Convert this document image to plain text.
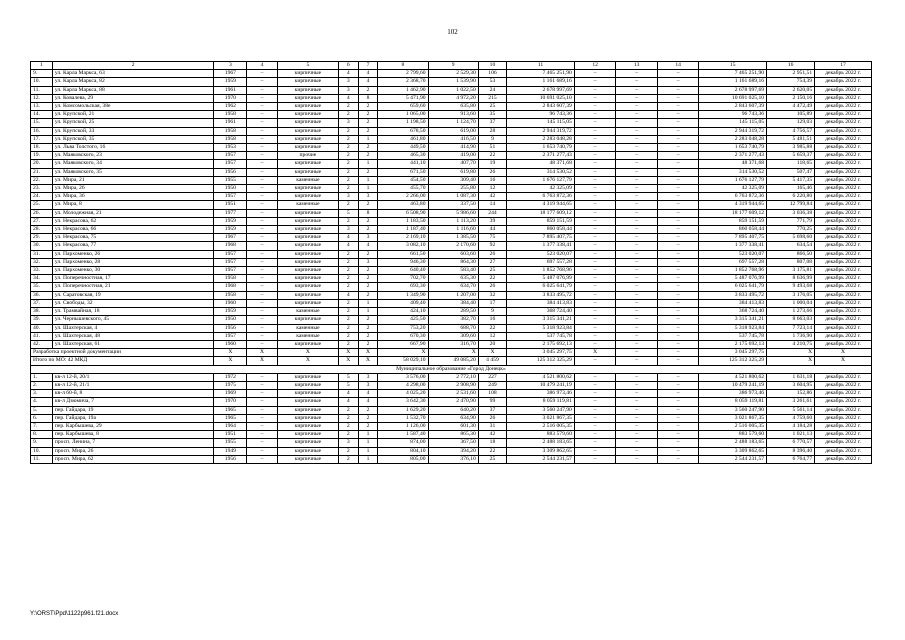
102
1	2	3	4	5	6	7	8	9	10	11	12	13	14	15	16	17
9.	ул. Карла Маркса, 63	1967	–	кирпичные	4	4	2 799,60	2 529,30	106	7 465 251,90	–	–	–	7 465 251,90	2 951,51	декабрь 2022 г.
10.	ул. Карла Маркса, 82	1959	–	кирпичные	3	4	2 368,70	1 539,90	53	1 161 689,16	–	–	–	1 161 689,16	754,39	декабрь 2022 г.
11.	ул. Карла Маркса, 88	1961	–	кирпичные	3	2	1 462,90	1 022,50	24	2 678 997,69	–	–	–	2 678 997,69	2 620,05	декабрь 2022 г.
12.	ул. Ковалева, 29	1970	–	кирпичные	4	8	5 471,90	4 972,20	215	10 691 025,10	–	–	–	10 691 025,10	2 150,16	декабрь 2022 г.
13.	ул. Комсомольская, 38е	1962	–	кирпичные	2	2	659,60	635,80	25	2 843 607,39	–	–	–	2 843 607,39	4 472,49	декабрь 2022 г.
14.	ул. Крупской, 21	1958	–	кирпичные	2	2	1 065,00	913,60	35	96 743,36	–	–	–	96 743,36	105,89	декабрь 2022 г.
15.	ул. Крупской, 25	1961	–	кирпичные	3	2	1 198,50	1 124,70	37	145 115,05	–	–	–	145 115,05	129,03	декабрь 2022 г.
16.	ул. Крупской, 33	1958	–	кирпичные	2	2	678,50	619,00	28	2 944 319,72	–	–	–	2 944 319,72	4 756,57	декабрь 2022 г.
17.	ул. Крупской, 35	1958	–	кирпичные	2	1	461,80	416,50	9	2 283 048,28	–	–	–	2 283 048,28	5 481,51	декабрь 2022 г.
18.	ул. Льва Толстого, 16	1953	–	кирпичные	2	2	449,50	414,90	51	1 653 740,79	–	–	–	1 653 740,79	3 985,88	декабрь 2022 г.
19.	ул. Маяковского, 23	1957	–	прочие	2	2	465,30	419,00	22	2 371 277,43	–	–	–	2 371 277,43	5 659,37	декабрь 2022 г.
20.	ул. Маяковского, 34	1957	–	кирпичные	2	1	441,10	407,70	19	48 371,68	–	–	–	48 371,68	118,65	декабрь 2022 г.
21.	ул. Маяковского, 35	1956	–	кирпичные	2	2	671,50	619,80	26	314 530,52	–	–	–	314 530,52	507,47	декабрь 2022 г.
22.	ул. Мира, 21	1955	–	каменные	2	1	454,50	309,40	16	1 676 127,79	–	–	–	1 676 127,79	5 417,35	декабрь 2022 г.
23.	ул. Мира, 26	1950	–	кирпичные	2	1	455,70	255,80	12	42 325,09	–	–	–	42 325,09	165,46	декабрь 2022 г.
24.	ул. Мира, 36	1957	–	кирпичные	3	3	2 266,00	1 087,30	42	6 763 872,36	–	–	–	6 763 872,36	6 220,80	декабрь 2022 г.
25.	ул. Мира, 8	1951	–	каменные	2	2	463,80	337,50	14	4 319 944,65	–	–	–	4 319 944,65	12 799,84	декабрь 2022 г.
26.	ул. Молодежная, 21	1977	–	кирпичные	5	8	6 508,90	5 986,60	244	18 177 609,12	–	–	–	18 177 609,12	3 036,38	декабрь 2022 г.
27.	ул. Некрасова, 62	1959	–	кирпичные	2	2	1 183,50	1 113,20	39	859 151,59	–	–	–	859 151,59	771,79	декабрь 2022 г.
28.	ул. Некрасова, 66	1959	–	кирпичные	3	2	1 187,40	1 116,60	44	860 058,44	–	–	–	860 058,44	770,25	декабрь 2022 г.
29.	ул. Некрасова, 75	1967	–	кирпичные	4	3	2 169,10	1 385,50	75	7 895 407,75	–	–	–	7 895 407,75	5 698,60	декабрь 2022 г.
30.	ул. Некрасова, 77	1968	–	кирпичные	4	4	3 082,10	2 170,60	92	1 377 338,41	–	–	–	1 377 338,41	634,54	декабрь 2022 г.
31.	ул. Пархоменко, 26	1957	–	кирпичные	2	2	661,50	603,60	26	523 020,07	–	–	–	523 020,07	866,50	декабрь 2022 г.
32.	ул. Пархоменко, 28	1957	–	кирпичные	2	3	946,30	864,30	27	697 557,28	–	–	–	697 557,28	807,08	декабрь 2022 г.
33.	ул. Пархоменко, 30	1957	–	кирпичные	2	2	640,40	583,40	25	1 852 768,96	–	–	–	1 852 768,96	3 175,81	декабрь 2022 г.
34.	ул. Поперечностная, 17	1958	–	кирпичные	2	2	702,70	635,30	22	5 487 076,99	–	–	–	5 487 076,99	8 636,99	декабрь 2022 г.
35.	ул. Поперечностная, 21	1968	–	кирпичные	2	2	693,30	634,70	26	6 025 641,79	–	–	–	6 025 641,79	9 493,68	декабрь 2022 г.
36.	ул. Саратовская, 19	1958	–	кирпичные	4	2	1 349,90	1 207,00	32	3 833 495,72	–	–	–	3 833 495,72	3 176,05	декабрь 2022 г.
37.	ул. Свободы, 32	1960	–	кирпичные	2	1	409,40	384,40	17	384 413,83	–	–	–	384 413,83	1 000,04	декабрь 2022 г.
38.	ул. Трамвайная, 18	1959	–	каменные	2	1	424,10	289,50	9	368 724,40	–	–	–	368 724,40	1 273,66	декабрь 2022 г.
39.	ул. Чернышевского, 45	1950	–	кирпичные	2	2	425,50	382,70	16	3 315 341,21	–	–	–	3 315 341,21	8 663,03	декабрь 2022 г.
40.	ул. Шахтерская, 4	1956	–	каменные	2	2	753,20	688,70	22	5 318 923,84	–	–	–	5 318 923,84	7 723,14	декабрь 2022 г.
41.	ул. Шахтерская, 48	1957	–	каменные	2	2	670,30	309,60	12	537 745,78	–	–	–	537 745,78	1 736,90	декабрь 2022 г.
42.	ул. Шахтерская, 61	1960	–	кирпичные	2	2	667,90	316,70	20	2 175 692,13	–	–	–	2 175 692,13	4 210,75	декабрь 2022 г.
Разработка проектной документации		X	X	X	X	X	X	X	X	3 045 297,75	X	–	–	3 045 297,75	X	X
Итого по МО: 42 МКД		X	X	X	X	X	58 029,10	49 085,20	4 459	125 312 325,29	–	–	–	125 312 325,29	X	X
Муниципальное образование «Город Донецк»																
1.	кв-л 12-й, 20/1	1972	–	кирпичные	5	3	3 576,00	2 772,10	227	4 521 800,62	–	–	–	4 521 800,62	1 631,18	декабрь 2022 г.
2.	кв-л 12-й, 21/1	1975	–	кирпичные	5	3	4 298,00	2 908,90	249	10 479 241,19	–	–	–	10 479 241,19	3 604,95	декабрь 2022 г.
3.	кв-л 60-й, 8	1969	–	кирпичные	4	4	4 025,20	2 531,60	108	386 973,46	–	–	–	386 973,46	152,86	декабрь 2022 г.
4.	кв-л Дзюмича, 7	1970	–	кирпичные	4	4	3 642,30	2 470,90	99	8 059 119,81	–	–	–	8 059 119,81	3 261,61	декабрь 2022 г.
5.	пер. Гайдара, 19	1965	–	кирпичные	2	2	1 629,20	640,20	37	3 560 247,90	–	–	–	3 560 247,90	5 561,14	декабрь 2022 г.
6.	пер. Гайдара, 19а	1965	–	кирпичные	2	2	1 532,70	634,90	26	3 021 867,35	–	–	–	3 021 867,35	4 759,60	декабрь 2022 г.
7.	пер. Карбышева, 29	1964	–	кирпичные	2	2	1 126,00	601,30	31	2 516 005,35	–	–	–	2 516 005,35	4 184,28	декабрь 2022 г.
8.	пер. Карбышева, 8	1951	–	кирпичные	2	1	1 587,40	865,30	42	883 579,60	–	–	–	883 579,60	1 021,13	декабрь 2022 г.
9.	просп. Ленина, 7	1955	–	кирпичные	3	1	874,00	367,50	18	2 488 183,65	–	–	–	2 488 183,65	6 770,57	декабрь 2022 г.
10.	просп. Мира, 26	1949	–	кирпичные	2	1	804,10	394,20	22	3 309 862,65	–	–	–	3 309 862,65	8 396,40	декабрь 2022 г.
11.	просп. Мира, 62	1956	–	кирпичные	2	1	805,00	376,10	25	2 544 231,57	–	–	–	2 544 231,57	6 764,77	декабрь 2022 г.
Y:\ORST\Ppd\1122p961.f21.docx
